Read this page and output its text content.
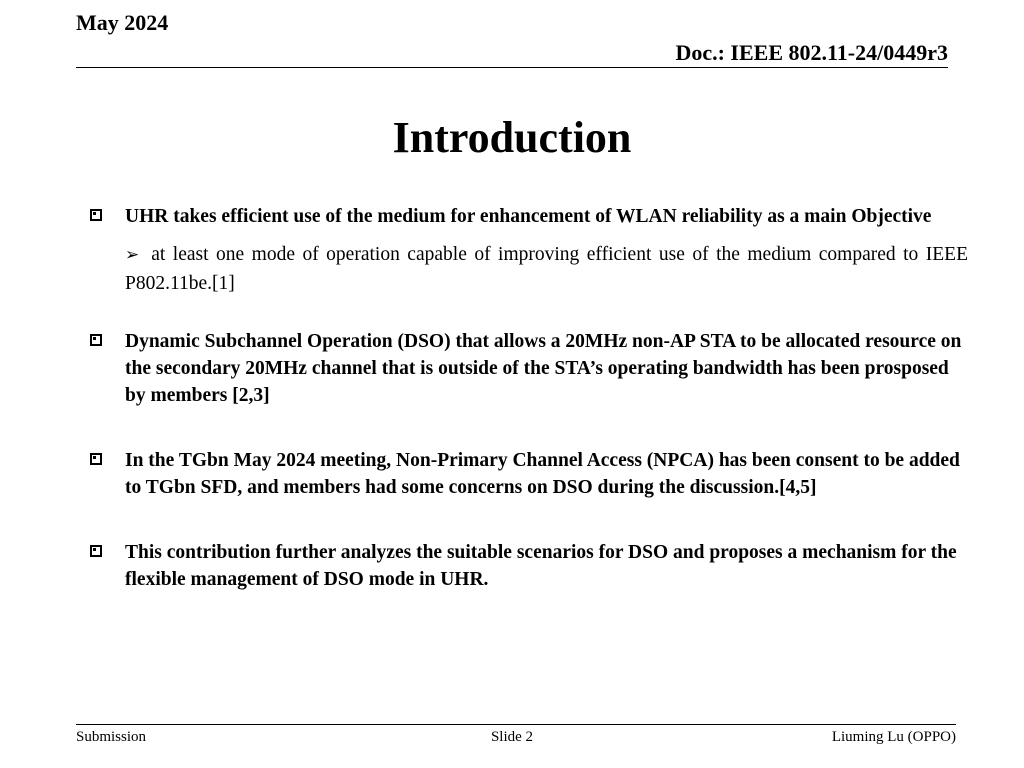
May 2024
Doc.: IEEE 802.11-24/0449r3
Introduction
UHR takes efficient use of the medium for enhancement of WLAN reliability as a main Objective
➢ at least one mode of operation capable of improving efficient use of the medium compared to IEEE P802.11be.[1]
Dynamic Subchannel Operation (DSO) that allows a 20MHz non-AP STA to be allocated resource on the secondary 20MHz channel that is outside of the STA’s operating bandwidth has been prosposed by members [2,3]
In the TGbn May 2024 meeting, Non-Primary Channel Access (NPCA) has been consent to be added to TGbn SFD, and members had some concerns on DSO during the discussion.[4,5]
This contribution further analyzes the suitable scenarios for DSO and proposes a mechanism for the flexible management of DSO mode in UHR.
Submission	Slide 2	Liuming Lu (OPPO)
